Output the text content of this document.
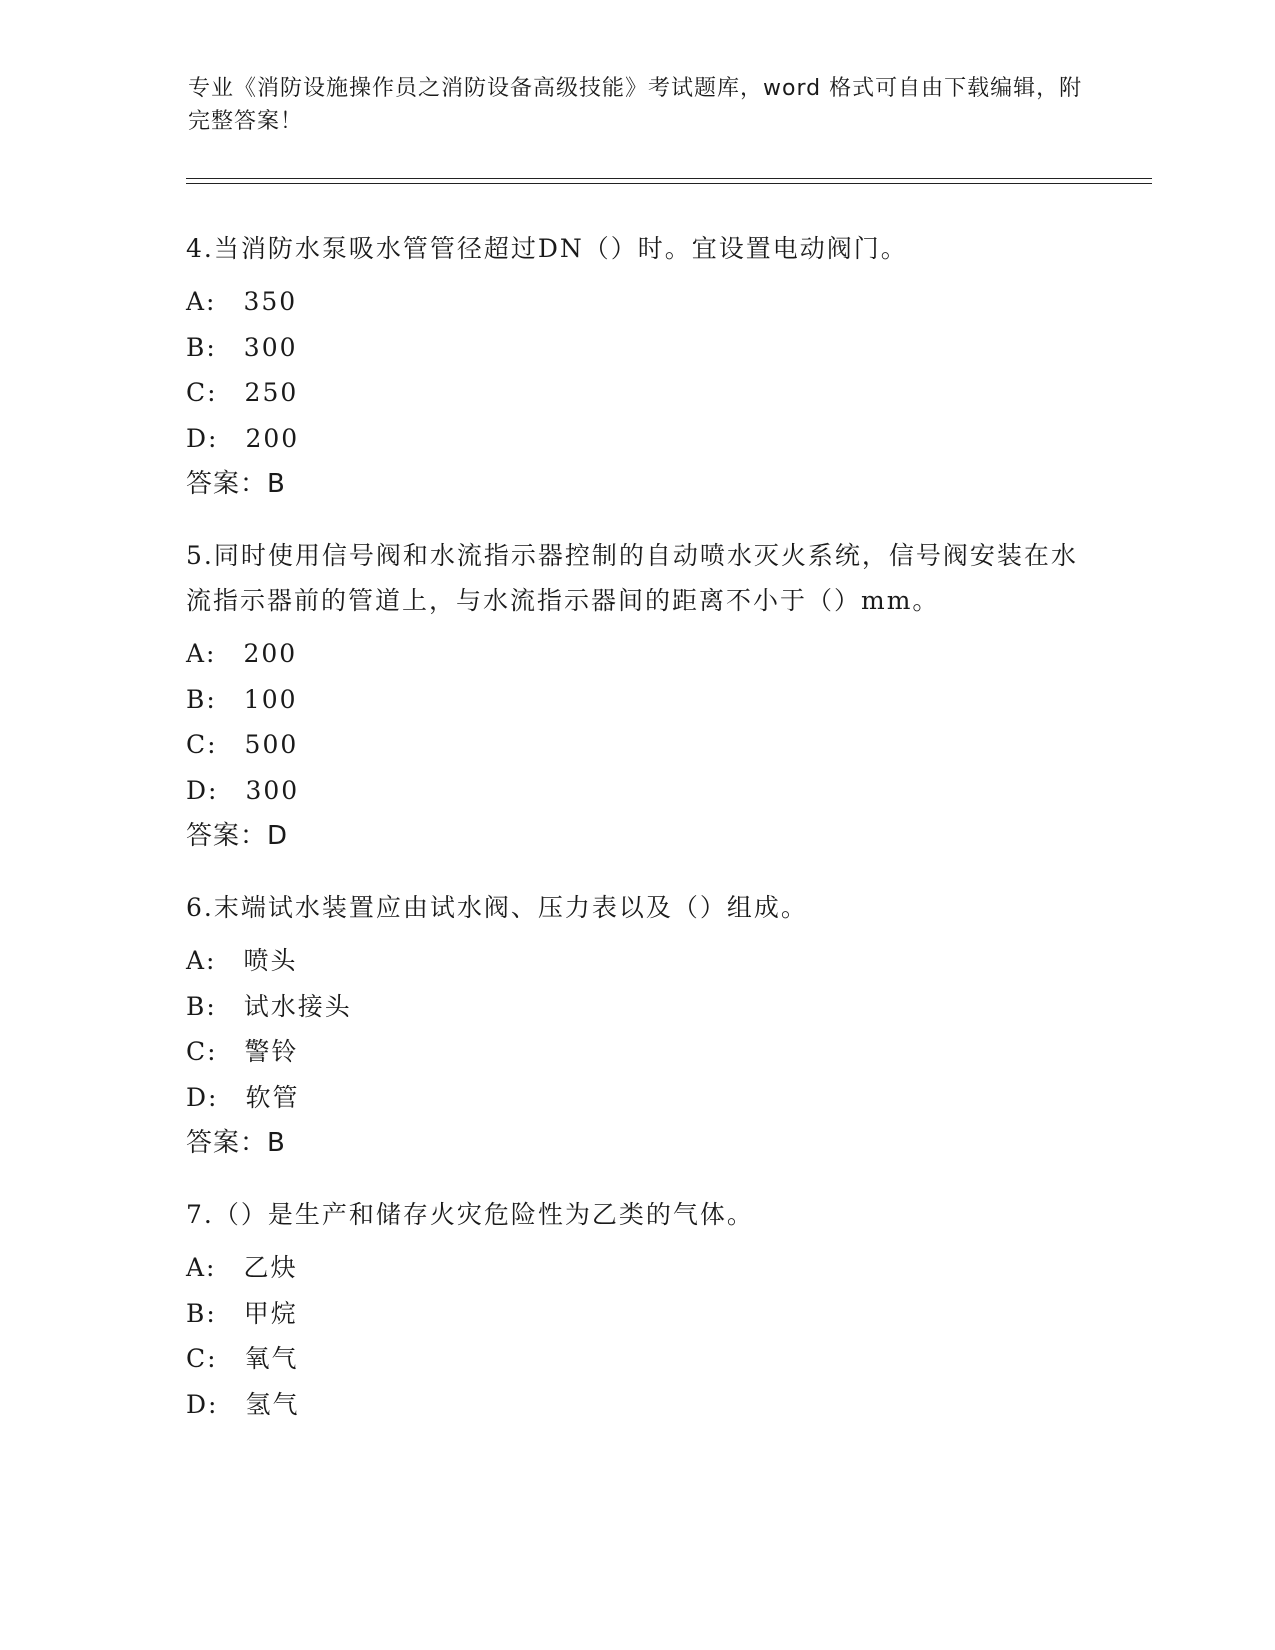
专业《消防设施操作员之消防设备高级技能》考试题库，word 格式可自由下载编辑，附完整答案！

4.当消防水泵吸水管管径超过DN（）时。宜设置电动阀门。

A:　350
B:　300
C:　250
D:　200
答案：B

5.同时使用信号阀和水流指示器控制的自动喷水灭火系统，信号阀安装在水流指示器前的管道上，与水流指示器间的距离不小于（）mm。

A:　200
B:　100
C:　500
D:　300
答案：D

6.末端试水装置应由试水阀、压力表以及（）组成。

A:　喷头
B:　试水接头
C:　警铃
D:　软管
答案：B

7.（）是生产和储存火灾危险性为乙类的气体。

A:　乙炔
B:　甲烷
C:　氧气
D:　氢气
